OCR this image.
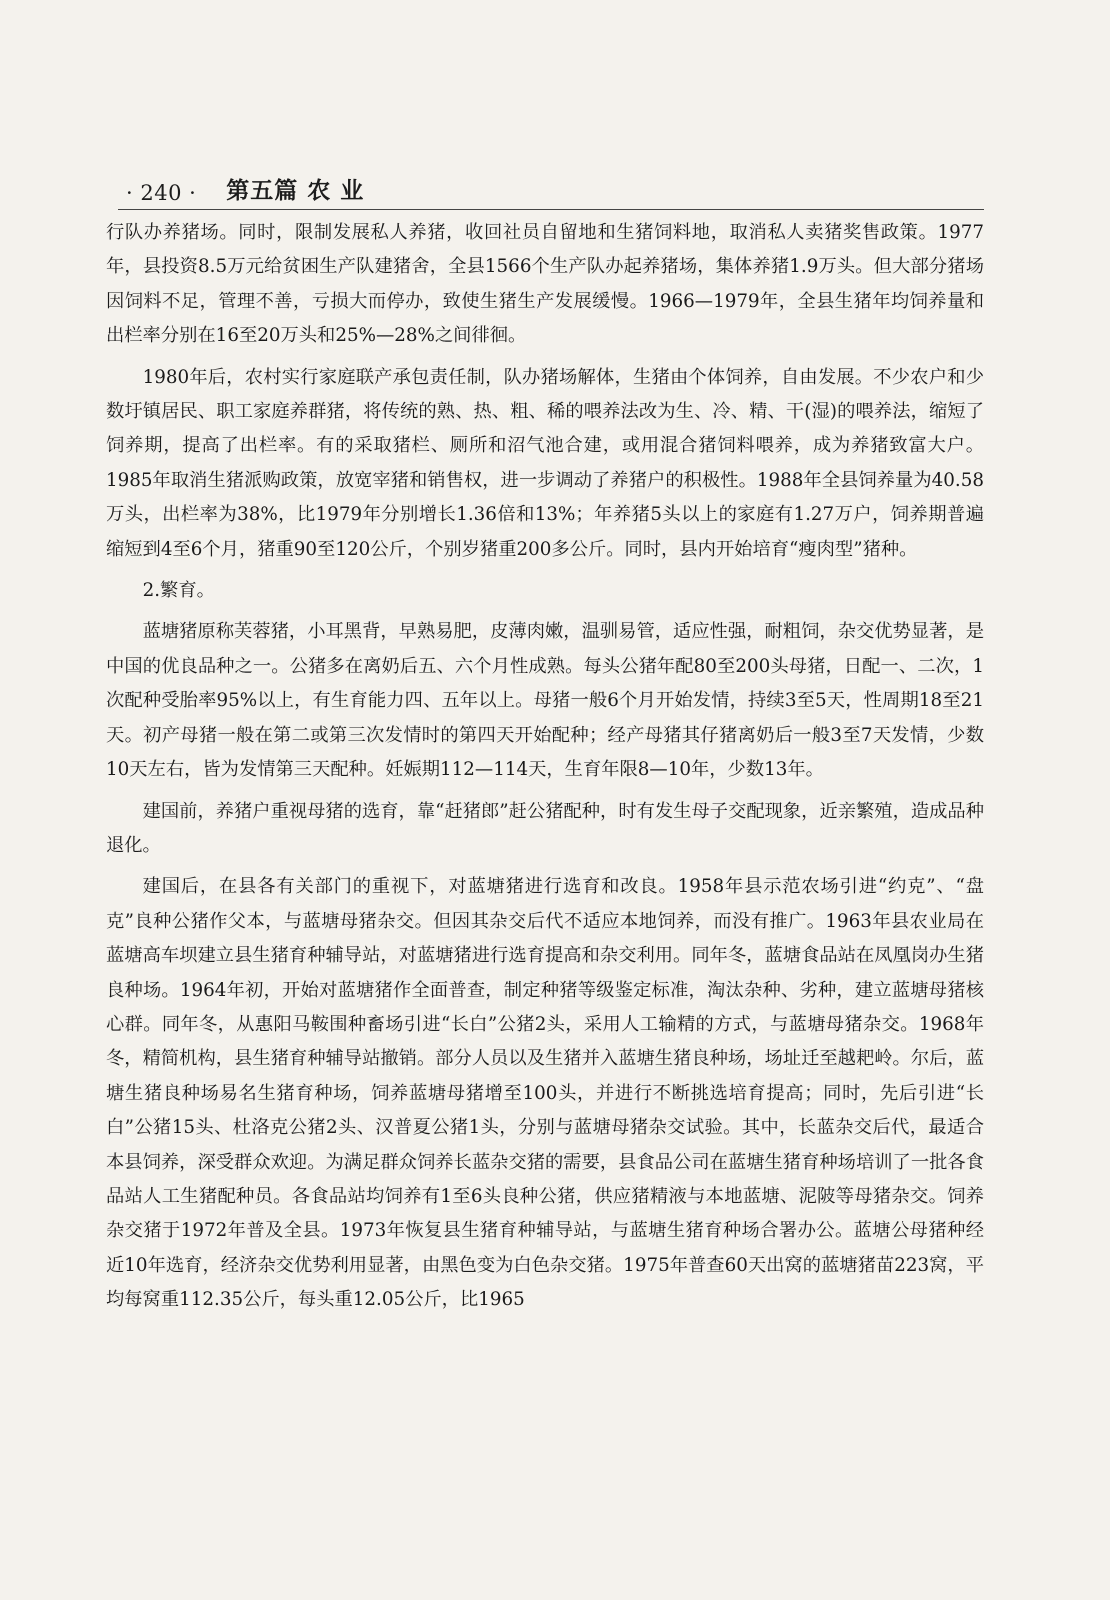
· 240 · 第五篇 农 业

行队办养猪场。同时，限制发展私人养猪，收回社员自留地和生猪饲料地，取消私人卖猪奖售政策。1977年，县投资8.5万元给贫困生产队建猪舍，全县1566个生产队办起养猪场，集体养猪1.9万头。但大部分猪场因饲料不足，管理不善，亏损大而停办，致使生猪生产发展缓慢。1966—1979年，全县生猪年均饲养量和出栏率分别在16至20万头和25%—28%之间徘徊。

1980年后，农村实行家庭联产承包责任制，队办猪场解体，生猪由个体饲养，自由发展。不少农户和少数圩镇居民、职工家庭养群猪，将传统的熟、热、粗、稀的喂养法改为生、冷、精、干(湿)的喂养法，缩短了饲养期，提高了出栏率。有的采取猪栏、厕所和沼气池合建，或用混合猪饲料喂养，成为养猪致富大户。1985年取消生猪派购政策，放宽宰猪和销售权，进一步调动了养猪户的积极性。1988年全县饲养量为40.58万头，出栏率为38%，比1979年分别增长1.36倍和13%；年养猪5头以上的家庭有1.27万户，饲养期普遍缩短到4至6个月，猪重90至120公斤，个别岁猪重200多公斤。同时，县内开始培育“瘦肉型”猪种。

2.繁育。

蓝塘猪原称芙蓉猪，小耳黑背，早熟易肥，皮薄肉嫩，温驯易管，适应性强，耐粗饲，杂交优势显著，是中国的优良品种之一。公猪多在离奶后五、六个月性成熟。每头公猪年配80至200头母猪，日配一、二次，1次配种受胎率95%以上，有生育能力四、五年以上。母猪一般6个月开始发情，持续3至5天，性周期18至21天。初产母猪一般在第二或第三次发情时的第四天开始配种；经产母猪其仔猪离奶后一般3至7天发情，少数10天左右，皆为发情第三天配种。妊娠期112—114天，生育年限8—10年，少数13年。

建国前，养猪户重视母猪的选育，靠“赶猪郎”赶公猪配种，时有发生母子交配现象，近亲繁殖，造成品种退化。

建国后，在县各有关部门的重视下，对蓝塘猪进行选育和改良。1958年县示范农场引进“约克”、“盘克”良种公猪作父本，与蓝塘母猪杂交。但因其杂交后代不适应本地饲养，而没有推广。1963年县农业局在蓝塘高车坝建立县生猪育种辅导站，对蓝塘猪进行选育提高和杂交利用。同年冬，蓝塘食品站在凤凰岗办生猪良种场。1964年初，开始对蓝塘猪作全面普查，制定种猪等级鉴定标准，淘汰杂种、劣种，建立蓝塘母猪核心群。同年冬，从惠阳马鞍围种畜场引进“长白”公猪2头，采用人工输精的方式，与蓝塘母猪杂交。1968年冬，精简机构，县生猪育种辅导站撤销。部分人员以及生猪并入蓝塘生猪良种场，场址迁至越耙岭。尔后，蓝塘生猪良种场易名生猪育种场，饲养蓝塘母猪增至100头，并进行不断挑选培育提高；同时，先后引进“长白”公猪15头、杜洛克公猪2头、汉普夏公猪1头，分别与蓝塘母猪杂交试验。其中，长蓝杂交后代，最适合本县饲养，深受群众欢迎。为满足群众饲养长蓝杂交猪的需要，县食品公司在蓝塘生猪育种场培训了一批各食品站人工生猪配种员。各食品站均饲养有1至6头良种公猪，供应猪精液与本地蓝塘、泥陂等母猪杂交。饲养杂交猪于1972年普及全县。1973年恢复县生猪育种辅导站，与蓝塘生猪育种场合署办公。蓝塘公母猪种经近10年选育，经济杂交优势利用显著，由黑色变为白色杂交猪。1975年普查60天出窝的蓝塘猪苗223窝，平均每窝重112.35公斤，每头重12.05公斤，比1965
